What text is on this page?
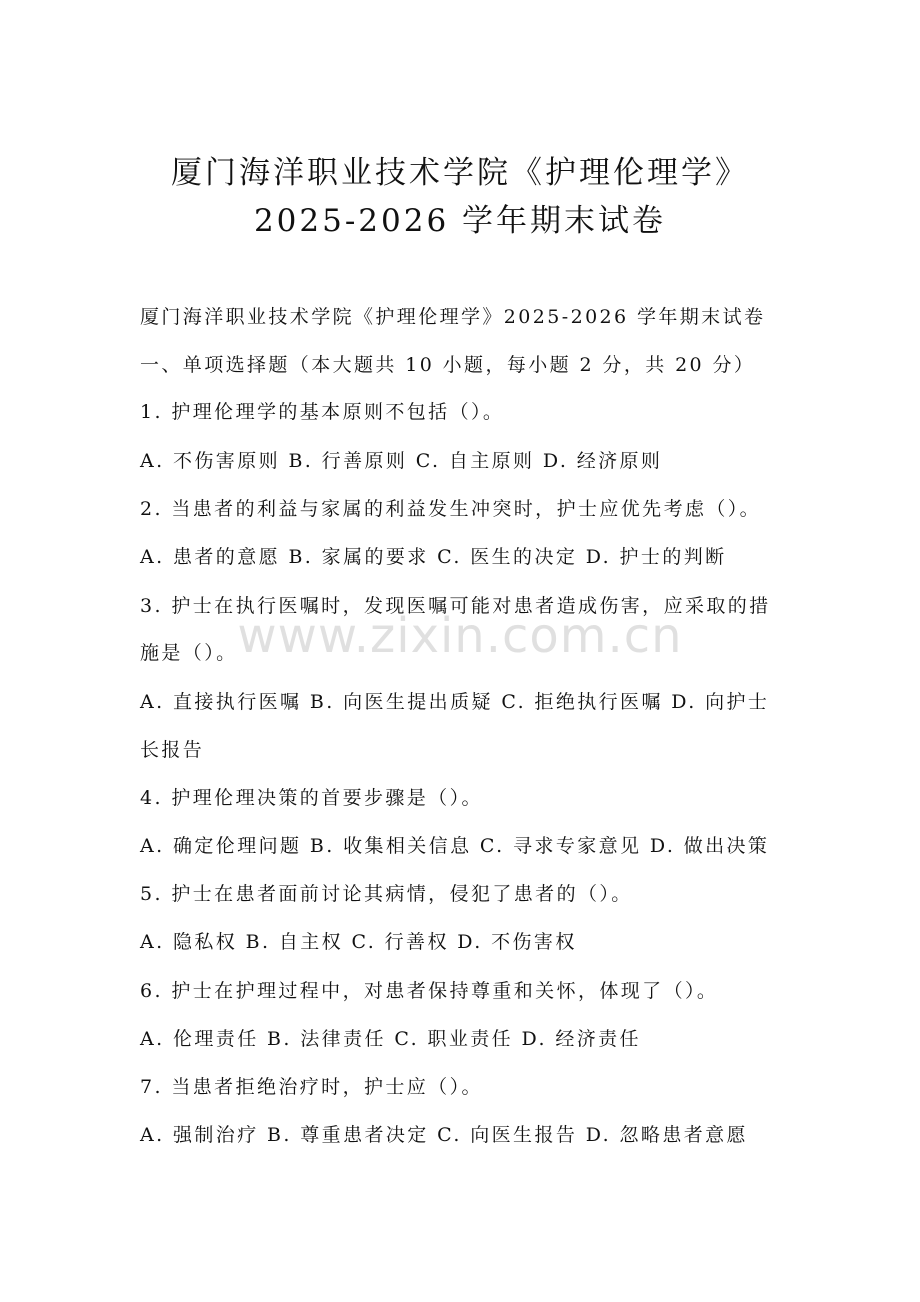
厦门海洋职业技术学院《护理伦理学》
2025-2026 学年期末试卷
厦门海洋职业技术学院《护理伦理学》2025-2026 学年期末试卷
一、单项选择题（本大题共 10 小题，每小题 2 分，共 20 分）
1. 护理伦理学的基本原则不包括（）。
A. 不伤害原则 B. 行善原则 C. 自主原则 D. 经济原则
2. 当患者的利益与家属的利益发生冲突时，护士应优先考虑（）。
A. 患者的意愿 B. 家属的要求 C. 医生的决定 D. 护士的判断
3. 护士在执行医嘱时，发现医嘱可能对患者造成伤害，应采取的措
施是（）。
A. 直接执行医嘱 B. 向医生提出质疑 C. 拒绝执行医嘱 D. 向护士
长报告
4. 护理伦理决策的首要步骤是（）。
A. 确定伦理问题 B. 收集相关信息 C. 寻求专家意见 D. 做出决策
5. 护士在患者面前讨论其病情，侵犯了患者的（）。
A. 隐私权 B. 自主权 C. 行善权 D. 不伤害权
6. 护士在护理过程中，对患者保持尊重和关怀，体现了（）。
A. 伦理责任 B. 法律责任 C. 职业责任 D. 经济责任
7. 当患者拒绝治疗时，护士应（）。
A. 强制治疗 B. 尊重患者决定 C. 向医生报告 D. 忽略患者意愿
www.zixin.com.cn
